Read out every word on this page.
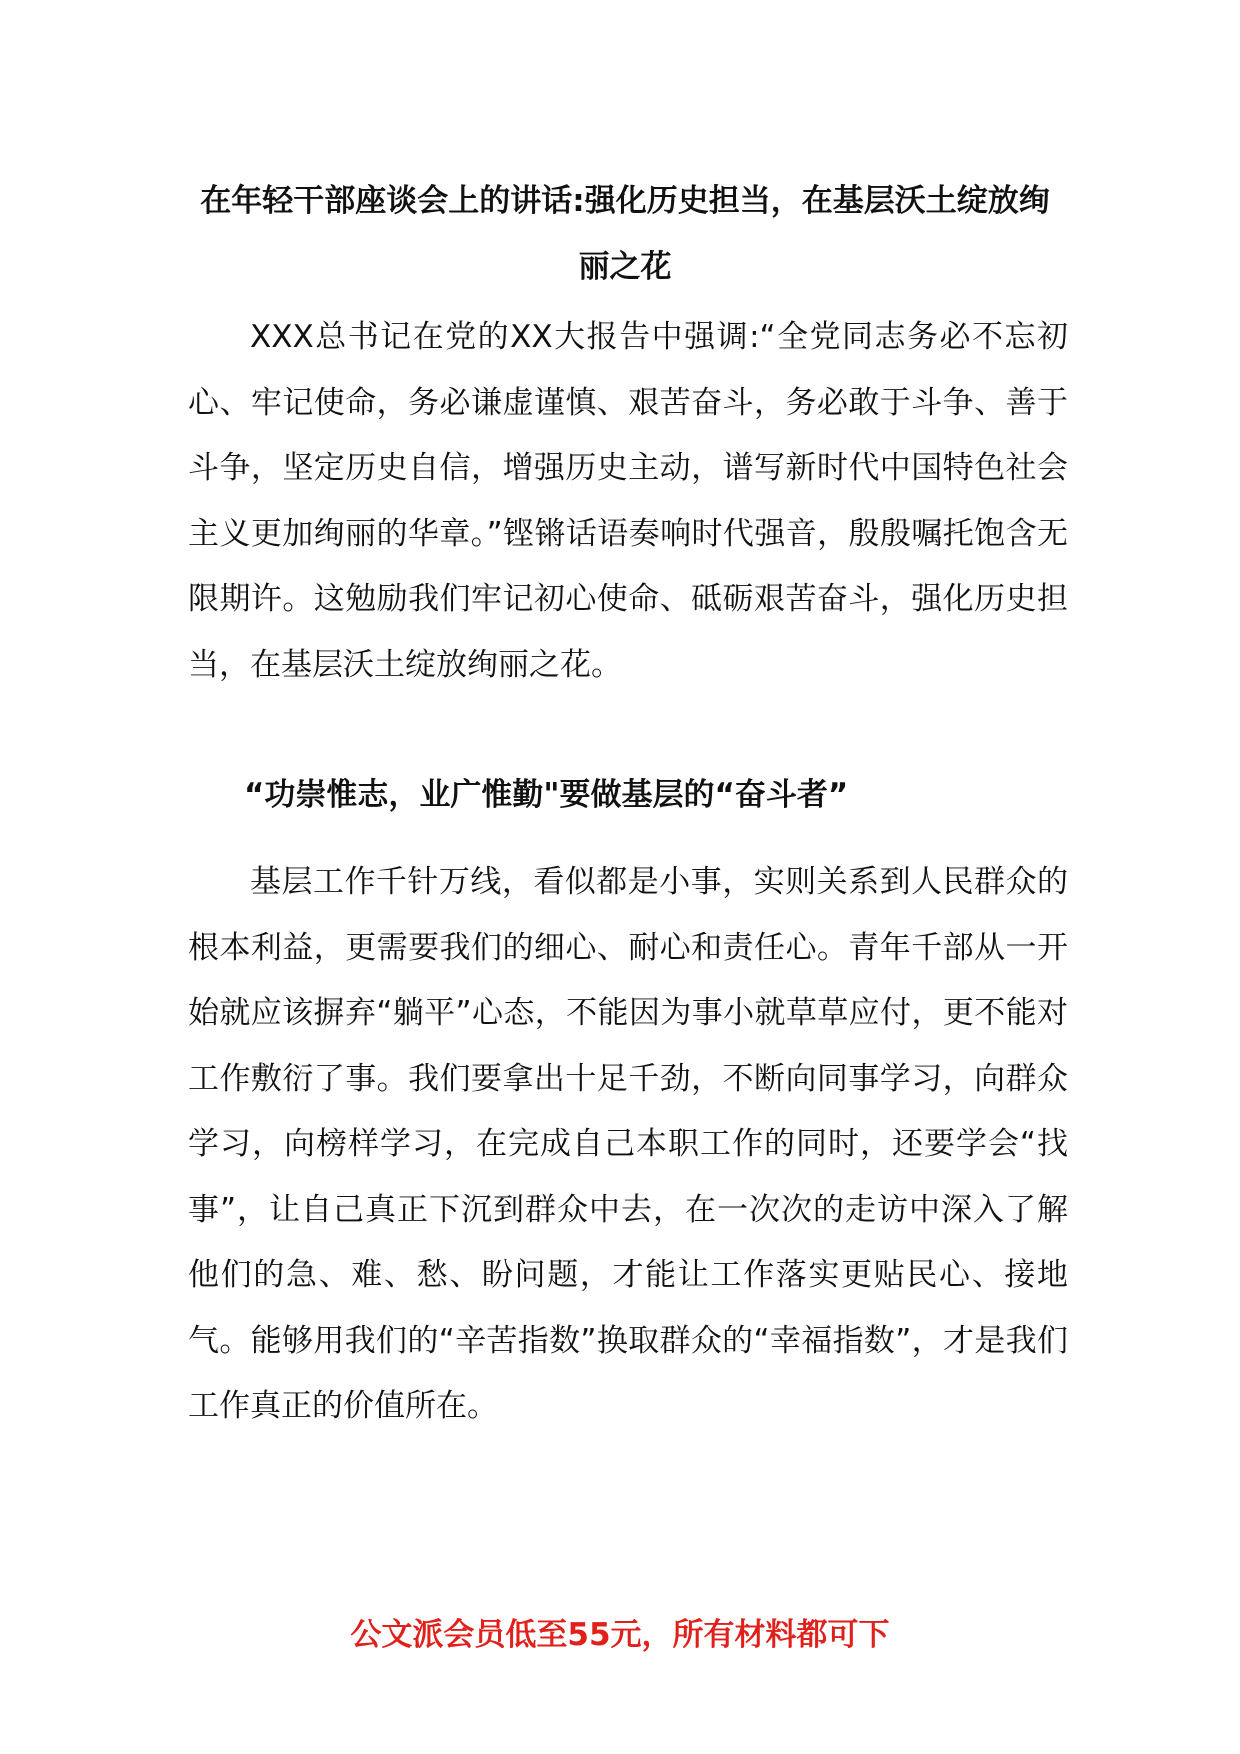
在年轻干部座谈会上的讲话:强化历史担当，在基层沃土绽放绚丽之花

XXX总书记在党的XX大报告中强调:“全党同志务必不忘初心、牢记使命，务必谦虚谨慎、艰苦奋斗，务必敢于斗争、善于斗争，坚定历史自信，增强历史主动，谱写新时代中国特色社会主义更加绚丽的华章。”铿锵话语奏响时代强音，殷殷嘱托饱含无限期许。这勉励我们牢记初心使命、砥砺艰苦奋斗，强化历史担当，在基层沃土绽放绚丽之花。

“功崇惟志，业广惟勤"要做基层的“奋斗者”

基层工作千针万线，看似都是小事，实则关系到人民群众的根本利益，更需要我们的细心、耐心和责任心。青年千部从一开始就应该摒弃“躺平”心态，不能因为事小就草草应付，更不能对工作敷衍了事。我们要拿出十足千劲，不断向同事学习，向群众学习，向榜样学习，在完成自己本职工作的同时，还要学会“找事”，让自己真正下沉到群众中去，在一次次的走访中深入了解他们的急、难、愁、盼问题，才能让工作落实更贴民心、接地气。能够用我们的“辛苦指数”换取群众的“幸福指数”，才是我们工作真正的价值所在。

公文派会员低至55元，所有材料都可下
